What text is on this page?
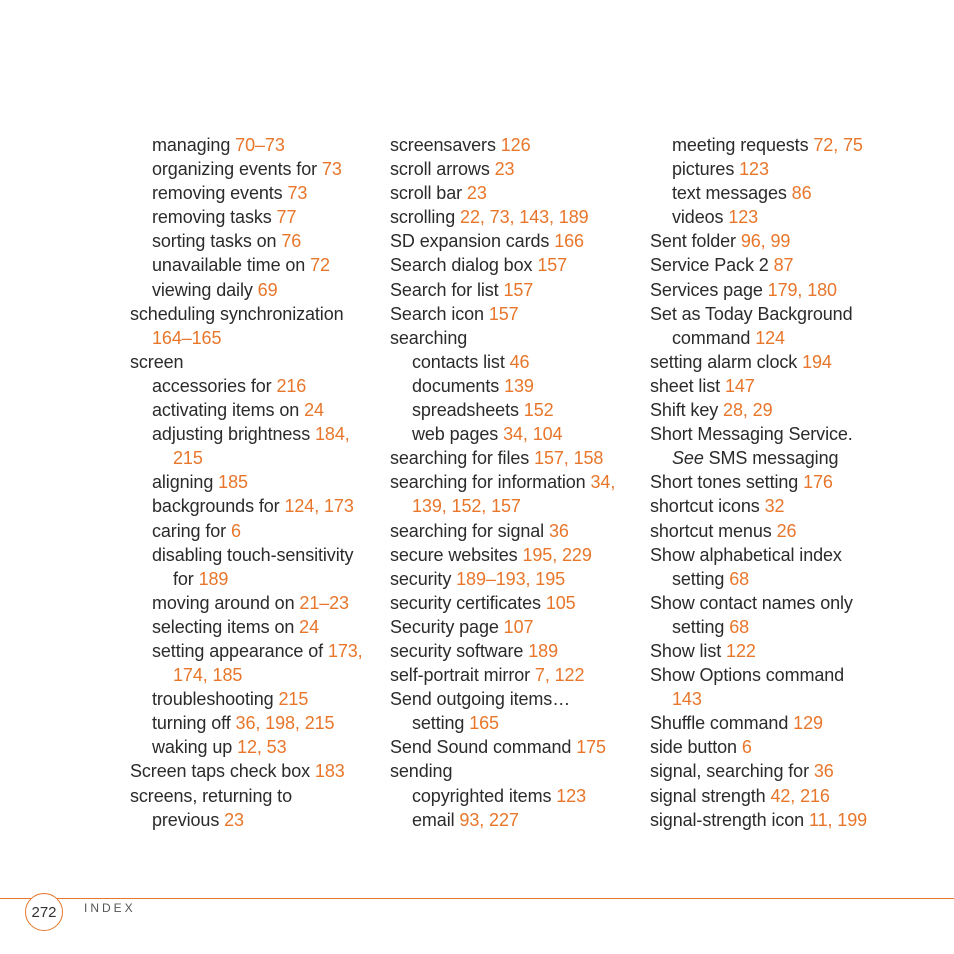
managing 70–73
organizing events for 73
removing events 73
removing tasks 77
sorting tasks on 76
unavailable time on 72
viewing daily 69
scheduling synchronization
164–165
screen
accessories for 216
activating items on 24
adjusting brightness 184,
215
aligning 185
backgrounds for 124, 173
caring for 6
disabling touch-sensitivity
for 189
moving around on 21–23
selecting items on 24
setting appearance of 173,
174, 185
troubleshooting 215
turning off 36, 198, 215
waking up 12, 53
Screen taps check box 183
screens, returning to
previous 23
screensavers 126
scroll arrows 23
scroll bar 23
scrolling 22, 73, 143, 189
SD expansion cards 166
Search dialog box 157
Search for list 157
Search icon 157
searching
contacts list 46
documents 139
spreadsheets 152
web pages 34, 104
searching for files 157, 158
searching for information 34,
139, 152, 157
searching for signal 36
secure websites 195, 229
security 189–193, 195
security certificates 105
Security page 107
security software 189
self-portrait mirror 7, 122
Send outgoing items…
setting 165
Send Sound command 175
sending
copyrighted items 123
email 93, 227
meeting requests 72, 75
pictures 123
text messages 86
videos 123
Sent folder 96, 99
Service Pack 2 87
Services page 179, 180
Set as Today Background
command 124
setting alarm clock 194
sheet list 147
Shift key 28, 29
Short Messaging Service.
See SMS messaging
Short tones setting 176
shortcut icons 32
shortcut menus 26
Show alphabetical index
setting 68
Show contact names only
setting 68
Show list 122
Show Options command
143
Shuffle command 129
side button 6
signal, searching for 36
signal strength 42, 216
signal-strength icon 11, 199
272	INDEX
